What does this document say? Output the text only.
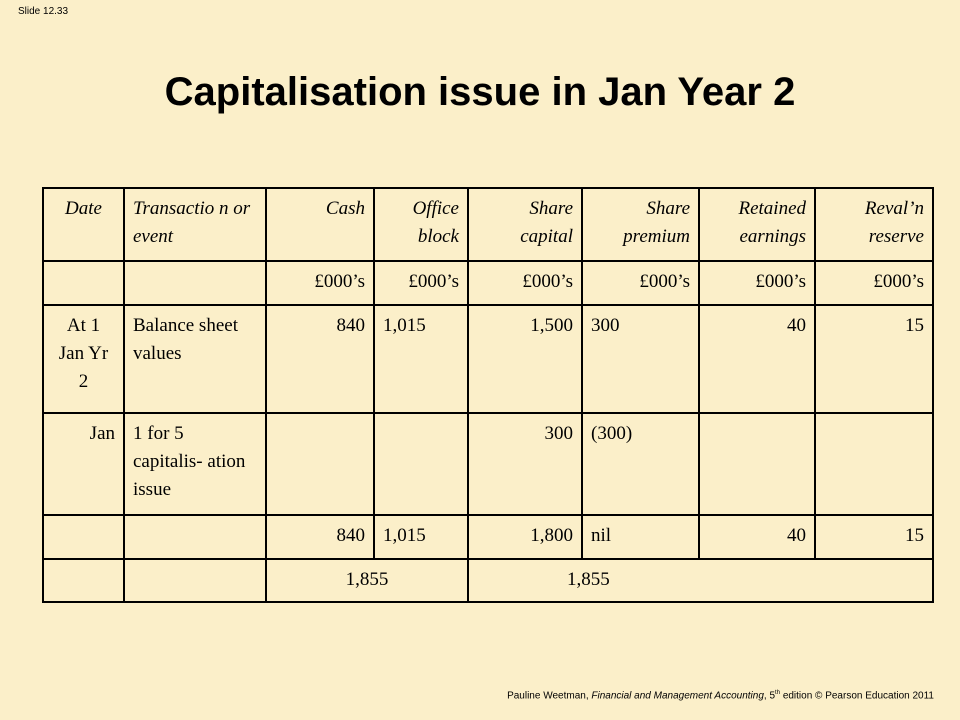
Slide 12.33
Capitalisation issue in Jan Year 2
Date	Transactio n or event	Cash	Office block	Share capital	Share premium	Retained earnings	Reval’n reserve
		£000’s	£000’s	£000’s	£000’s	£000’s	£000’s
At 1 Jan Yr 2	Balance sheet values	840	1,015	1,500	300	40	15
Jan	1 for 5 capitalis- ation issue			300	(300)		
		840	1,015	1,800	nil	40	15
		1,855		1,855			
Pauline Weetman, Financial and Management Accounting, 5th edition © Pearson Education 2011
